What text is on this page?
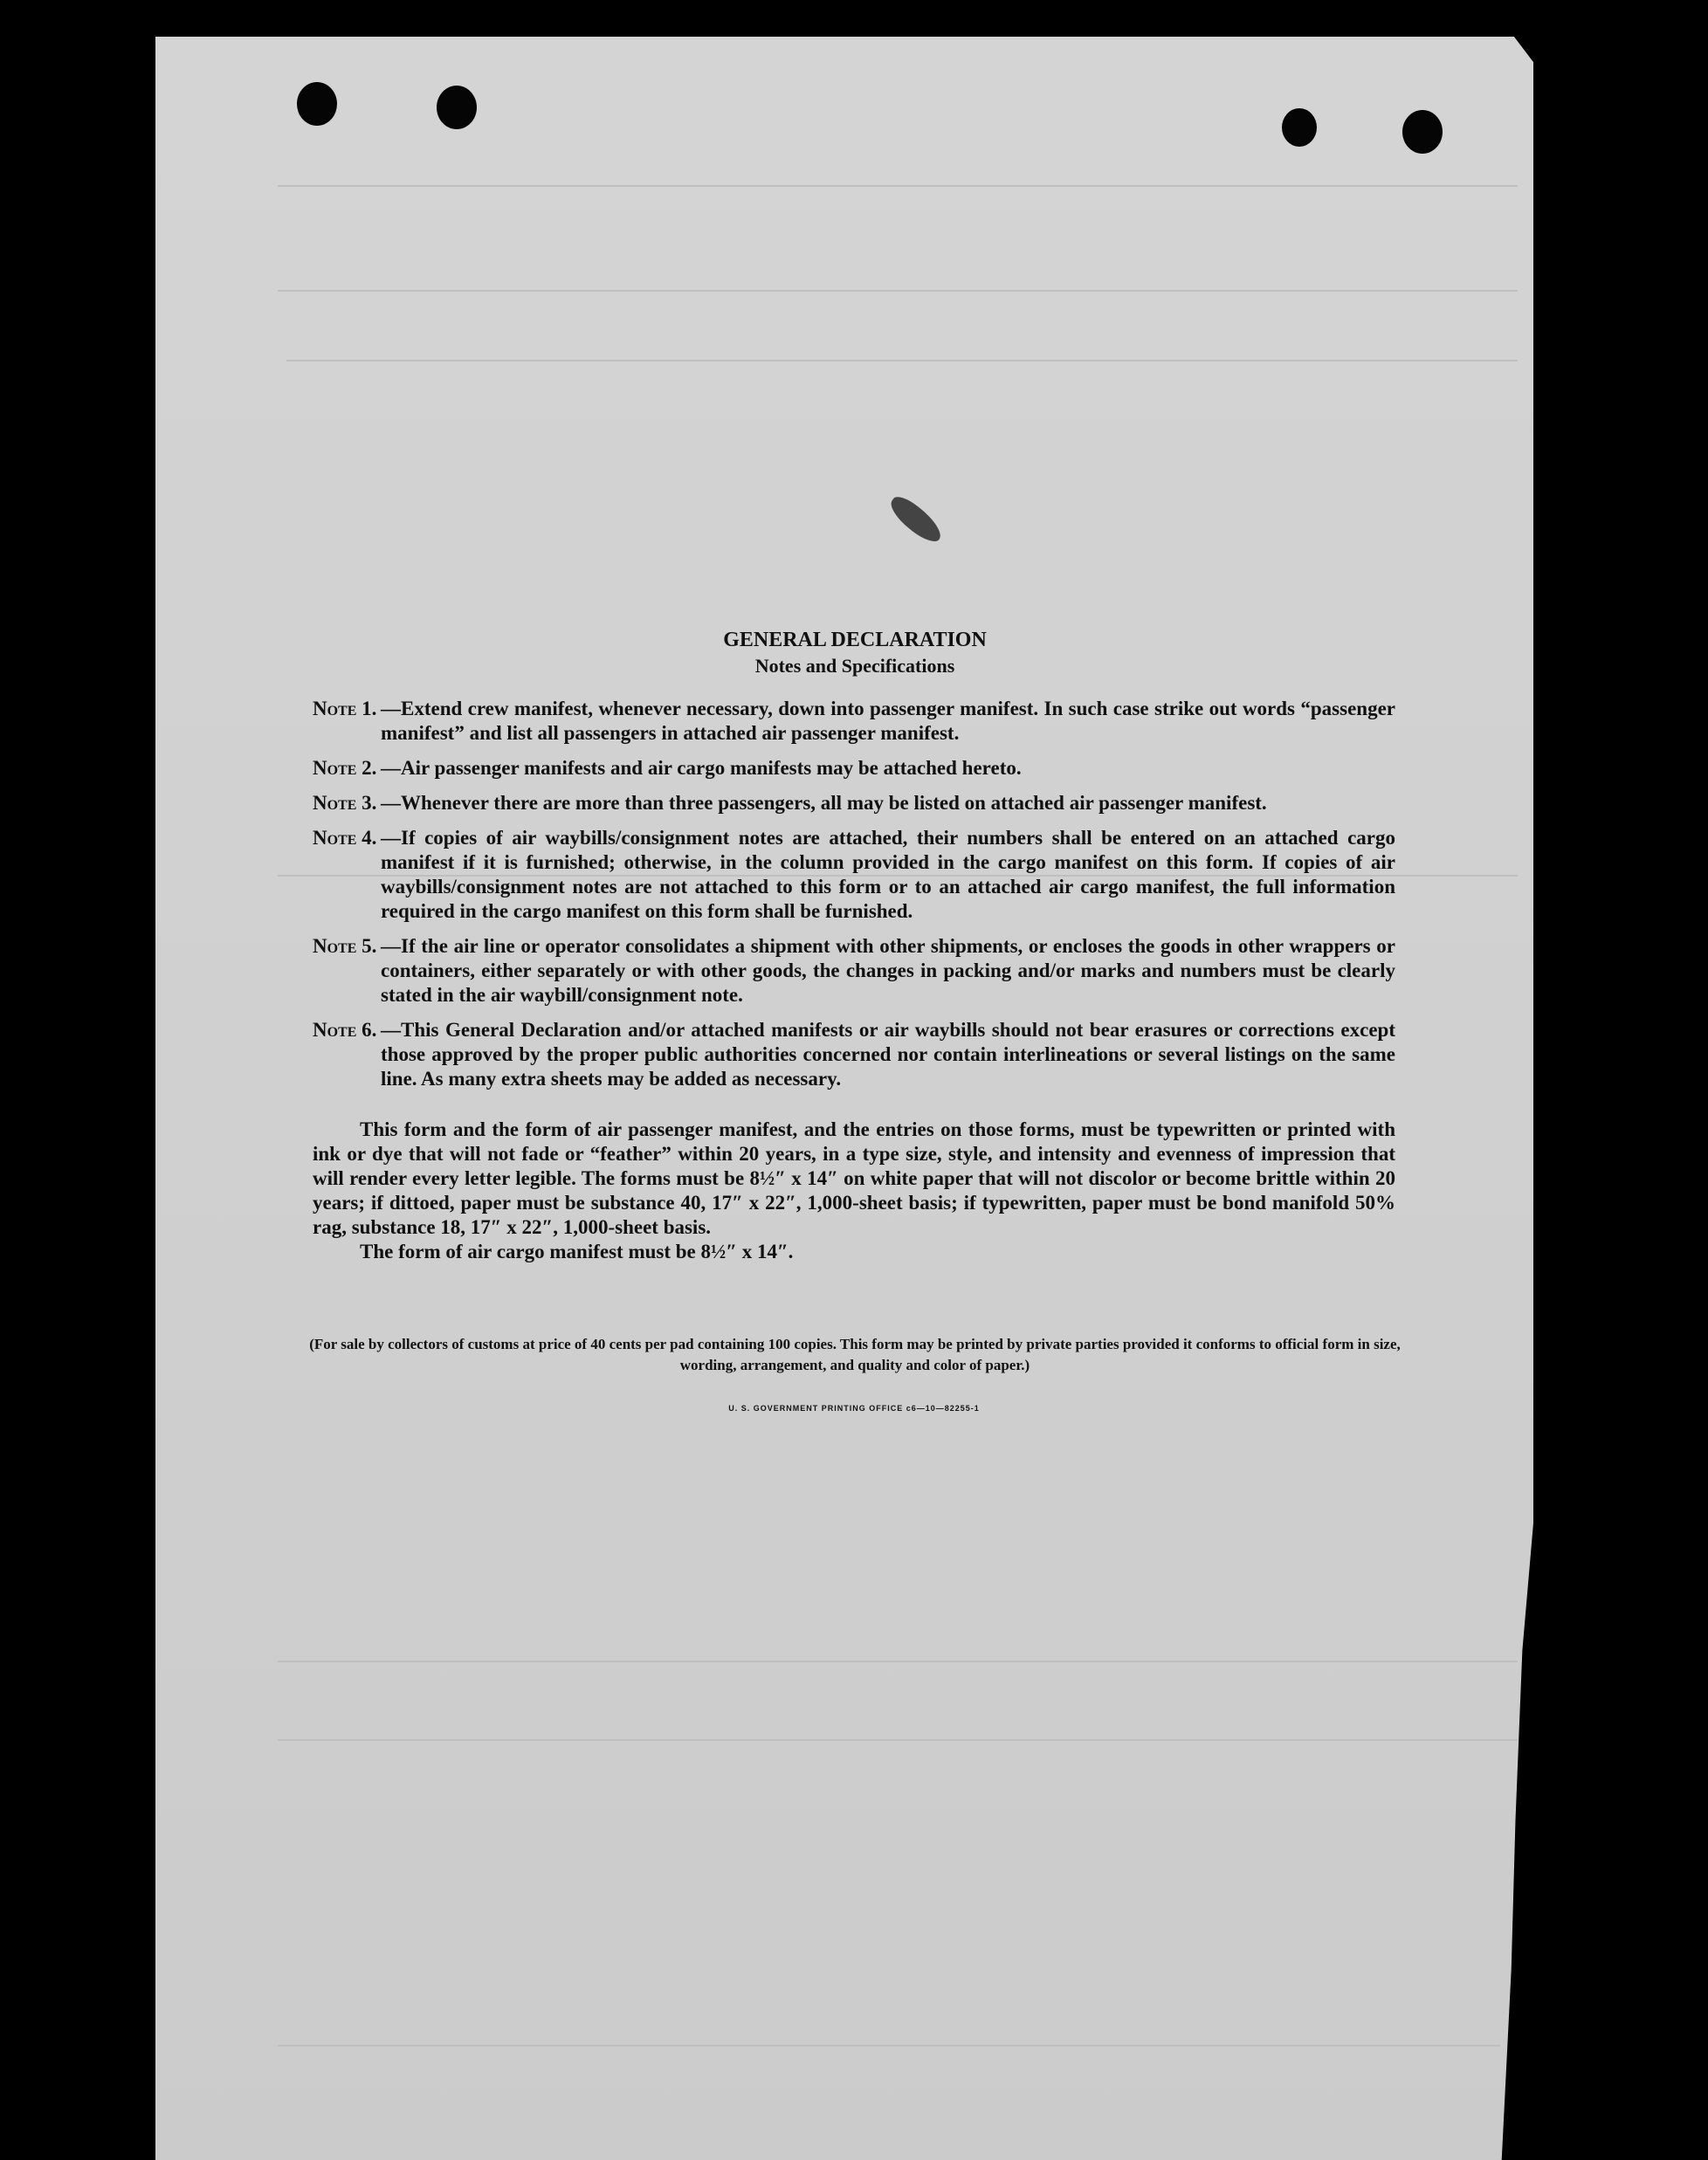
GENERAL DECLARATION
Notes and Specifications
Note 1. —Extend crew manifest, whenever necessary, down into passenger manifest. In such case strike out words “passenger manifest” and list all passengers in attached air passenger manifest.
Note 2. —Air passenger manifests and air cargo manifests may be attached hereto.
Note 3. —Whenever there are more than three passengers, all may be listed on attached air passenger manifest.
Note 4. —If copies of air waybills/consignment notes are attached, their numbers shall be entered on an attached cargo manifest if it is furnished; otherwise, in the column provided in the cargo manifest on this form. If copies of air waybills/consignment notes are not attached to this form or to an attached air cargo manifest, the full information required in the cargo manifest on this form shall be furnished.
Note 5. —If the air line or operator consolidates a shipment with other shipments, or encloses the goods in other wrappers or containers, either separately or with other goods, the changes in packing and/or marks and numbers must be clearly stated in the air waybill/consignment note.
Note 6. —This General Declaration and/or attached manifests or air waybills should not bear erasures or corrections except those approved by the proper public authorities concerned nor contain interlineations or several listings on the same line. As many extra sheets may be added as necessary.
This form and the form of air passenger manifest, and the entries on those forms, must be typewritten or printed with ink or dye that will not fade or “feather” within 20 years, in a type size, style, and intensity and evenness of impression that will render every letter legible. The forms must be 8½″ x 14″ on white paper that will not discolor or become brittle within 20 years; if dittoed, paper must be substance 40, 17″ x 22″, 1,000-sheet basis; if typewritten, paper must be bond manifold 50% rag, substance 18, 17″ x 22″, 1,000-sheet basis.
The form of air cargo manifest must be 8½″ x 14″.
(For sale by collectors of customs at price of 40 cents per pad containing 100 copies. This form may be printed by private parties provided it conforms to official form in size, wording, arrangement, and quality and color of paper.)
U. S. GOVERNMENT PRINTING OFFICE c6—10—82255-1
